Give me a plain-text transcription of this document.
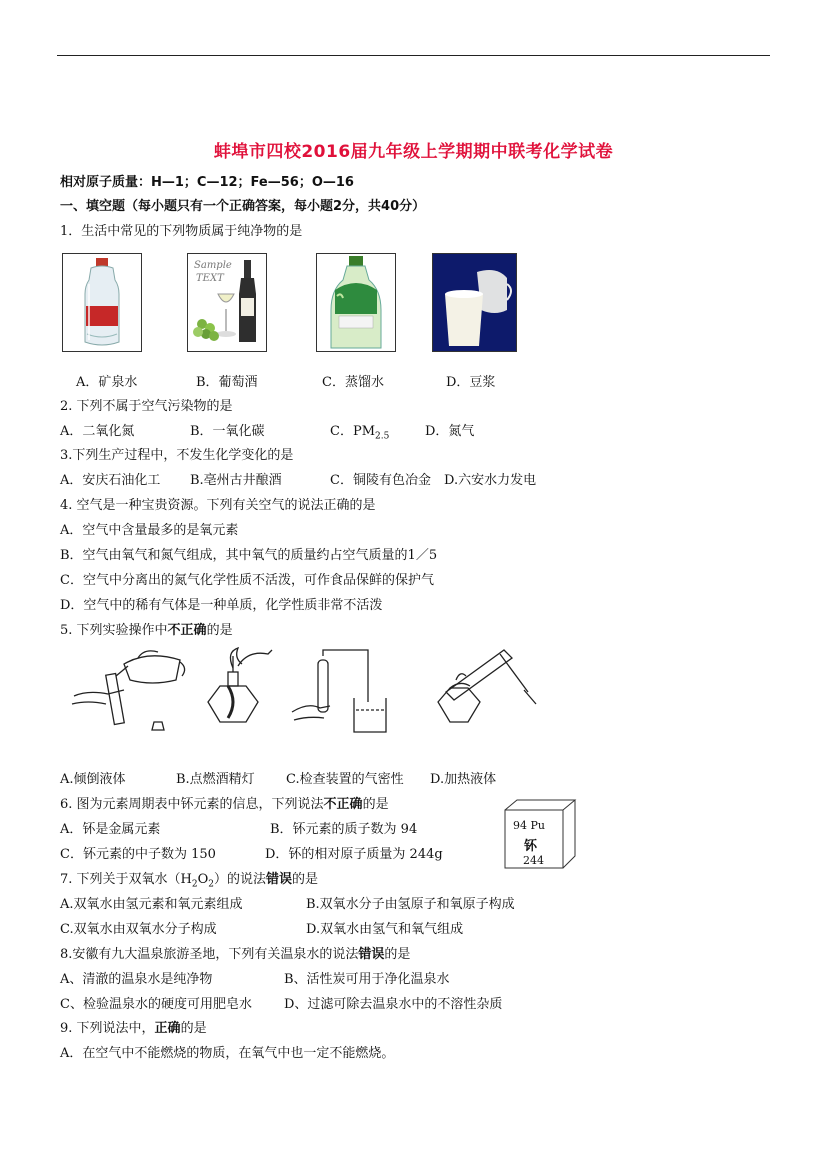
蚌埠市四校2016届九年级上学期期中联考化学试卷
相对原子质量：H—1；C—12；Fe—56；O—16
一、填空题（每小题只有一个正确答案，每小题2分，共40分）
1．生活中常见的下列物质属于纯净物的是
Sample
TEXT
A．矿泉水	B．葡萄酒	C．蒸馏水	D．豆浆
2. 下列不属于空气污染物的是
A．二氧化氮	B．一氧化碳	C．$PM_{2.5}$	D．氮气
3.下列生产过程中，不发生化学变化的是
A．安庆石油化工 B.亳州古井酿酒	C．铜陵有色冶金 D.六安水力发电
4. 空气是一种宝贵资源。下列有关空气的说法正确的是
A．空气中含量最多的是氧元素
B．空气由氧气和氮气组成，其中氧气的质量约占空气质量的1／5
C．空气中分离出的氮气化学性质不活泼，可作食品保鲜的保护气
D．空气中的稀有气体是一种单质，化学性质非常不活泼
5. 下列实验操作中不正确的是
A.倾倒液体	B.点燃酒精灯 C.检查装置的气密性 D.加热液体
6. 图为元素周期表中钚元素的信息，下列说法不正确的是
A．钚是金属元素	B．钚元素的质子数为 94
C．钚元素的中子数为 150	D．钚的相对原子质量为 244g
94 Pu
钚
244
7. 下列关于双氧水$(H_2O_2)$的说法错误的是
A.双氧水由氢元素和氧元素组成	B.双氧水分子由氢原子和氧原子构成
C.双氧水由双氧水分子构成	D.双氧水由氢气和氧气组成
8.安徽有九大温泉旅游圣地，下列有关温泉水的说法错误的是
A、清澈的温泉水是纯净物	B、活性炭可用于净化温泉水
C、检验温泉水的硬度可用肥皂水 D、过滤可除去温泉水中的不溶性杂质
9. 下列说法中，正确的是
A．在空气中不能燃烧的物质，在氧气中也一定不能燃烧。
